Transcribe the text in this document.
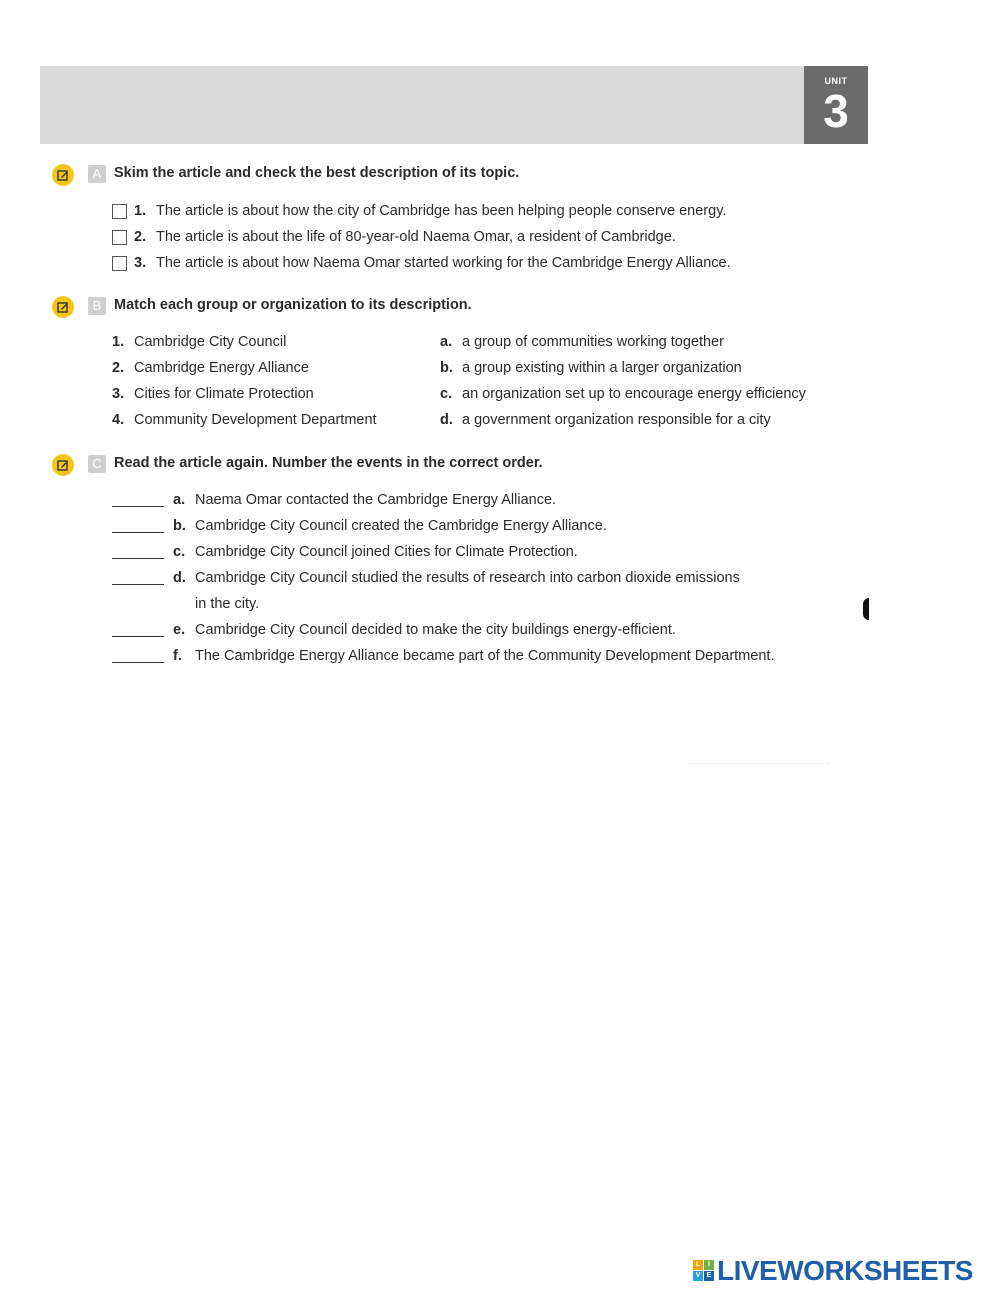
UNIT
3
A Skim the article and check the best description of its topic.
1. The article is about how the city of Cambridge has been helping people conserve energy.
2. The article is about the life of 80-year-old Naema Omar, a resident of Cambridge.
3. The article is about how Naema Omar started working for the Cambridge Energy Alliance.
B Match each group or organization to its description.
1. Cambridge City Council
2. Cambridge Energy Alliance
3. Cities for Climate Protection
4. Community Development Department
a. a group of communities working together
b. a group existing within a larger organization
c. an organization set up to encourage energy efficiency
d. a government organization responsible for a city
C Read the article again. Number the events in the correct order.
a. Naema Omar contacted the Cambridge Energy Alliance.
b. Cambridge City Council created the Cambridge Energy Alliance.
c. Cambridge City Council joined Cities for Climate Protection.
d. Cambridge City Council studied the results of research into carbon dioxide emissions
in the city.
e. Cambridge City Council decided to make the city buildings energy-efficient.
f. The Cambridge Energy Alliance became part of the Community Development Department.
L	I
V E LIVEWORKSHEETS
